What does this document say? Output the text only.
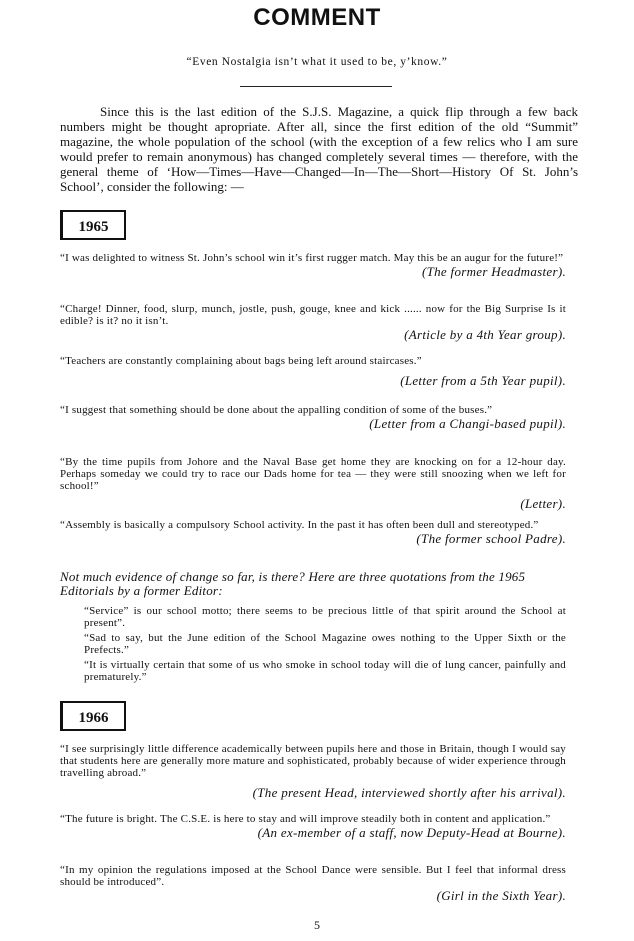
COMMENT
“Even Nostalgia isn’t what it used to be, y’know.”
Since this is the last edition of the S.J.S. Magazine, a quick flip through a few back numbers might be thought apropriate. After all, since the first edition of the old “Summit” magazine, the whole population of the school (with the exception of a few relics who I am sure would prefer to remain anonymous) has changed completely several times — therefore, with the general theme of ‘How—Times—Have—Changed—In—The—Short—History Of St. John’s School’, consider the following: —
1965
“I was delighted to witness St. John’s school win it’s first rugger match. May this be an augur for the future!”
(The former Headmaster).
“Charge! Dinner, food, slurp, munch, jostle, push, gouge, knee and kick ...... now for the Big Surprise Is it edible? is it? no it isn’t.
(Article by a 4th Year group).
“Teachers are constantly complaining about bags being left around staircases.”
(Letter from a 5th Year pupil).
“I suggest that something should be done about the appalling condition of some of the buses.”
(Letter from a Changi-based pupil).
“By the time pupils from Johore and the Naval Base get home they are knocking on for a 12-hour day. Perhaps someday we could try to race our Dads home for tea — they were still snoozing when we left for school!”
(Letter).
“Assembly is basically a compulsory School activity. In the past it has often been dull and stereotyped.”
(The former school Padre).
Not much evidence of change so far, is there? Here are three quotations from the 1965 Editorials by a former Editor:
“Service” is our school motto; there seems to be precious little of that spirit around the School at present”.
“Sad to say, but the June edition of the School Magazine owes nothing to the Upper Sixth or the Prefects.”
“It is virtually certain that some of us who smoke in school today will die of lung cancer, painfully and prematurely.”
1966
“I see surprisingly little difference academically between pupils here and those in Britain, though I would say that students here are generally more mature and sophisticated, probably because of wider experience through travelling abroad.”
(The present Head, interviewed shortly after his arrival).
“The future is bright. The C.S.E. is here to stay and will improve steadily both in content and application.”
(An ex-member of a staff, now Deputy-Head at Bourne).
“In my opinion the regulations imposed at the School Dance were sensible. But I feel that informal dress should be introduced”.
(Girl in the Sixth Year).
5
